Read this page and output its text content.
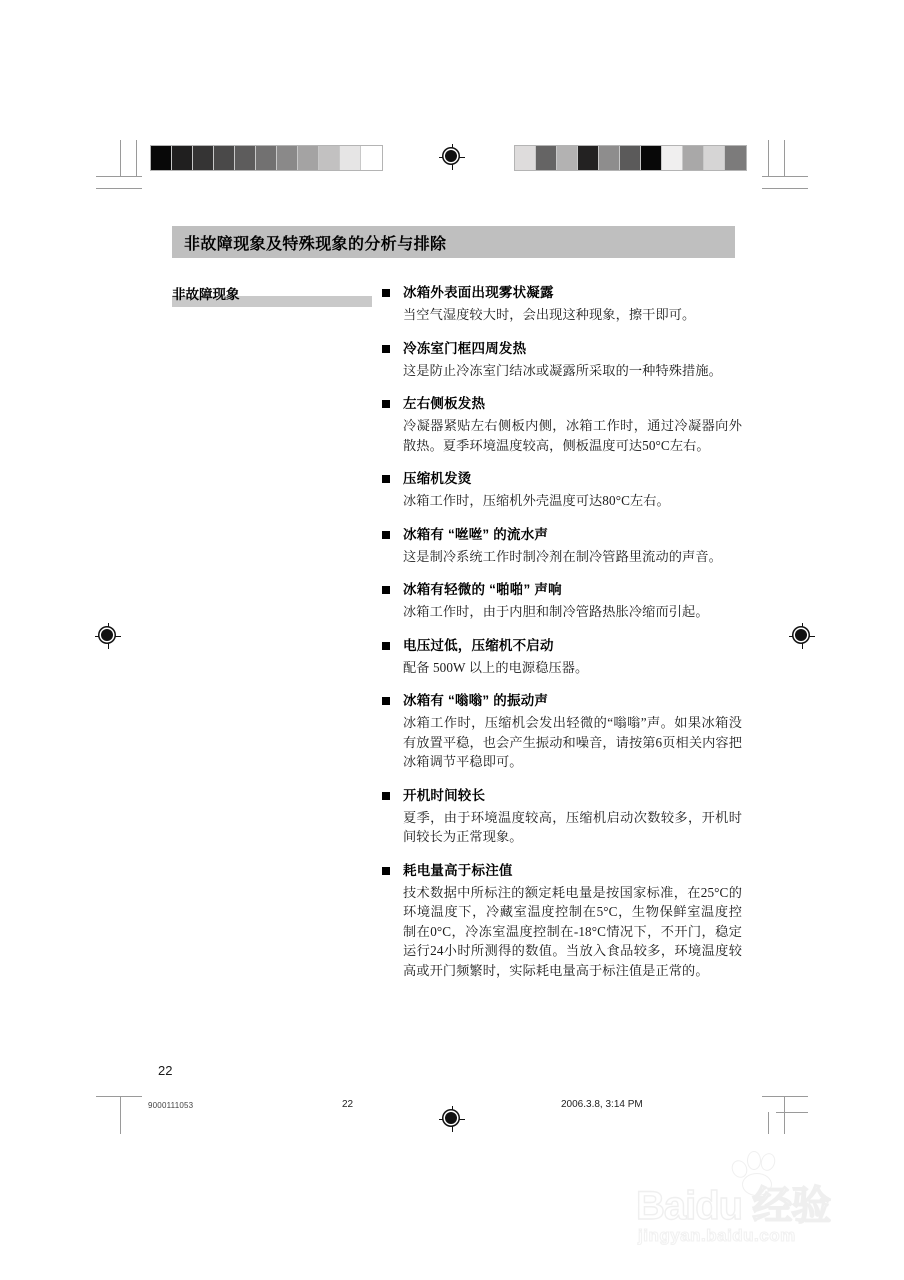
非故障现象及特殊现象的分析与排除
非故障现象	冰箱外表面出现雾状凝露
当空气湿度较大时，会出现这种现象，擦干即可。
冷冻室门框四周发热
这是防止冷冻室门结冰或凝露所采取的一种特殊措施。
左右侧板发热
冷凝器紧贴左右侧板内侧，冰箱工作时，通过冷凝器向外散热。夏季环境温度较高，侧板温度可达50°C左右。
压缩机发烫
冰箱工作时，压缩机外壳温度可达80°C左右。
冰箱有 “咝咝” 的流水声
这是制冷系统工作时制冷剂在制冷管路里流动的声音。
冰箱有轻微的 “啪啪” 声响
冰箱工作时，由于内胆和制冷管路热胀冷缩而引起。
电压过低，压缩机不启动
配备 500W 以上的电源稳压器。
冰箱有 “嗡嗡” 的振动声
冰箱工作时，压缩机会发出轻微的“嗡嗡”声。如果冰箱没有放置平稳，也会产生振动和噪音，请按第6页相关内容把冰箱调节平稳即可。
开机时间较长
夏季，由于环境温度较高，压缩机启动次数较多，开机时间较长为正常现象。
耗电量高于标注值
技术数据中所标注的额定耗电量是按国家标准，在25°C的环境温度下，冷藏室温度控制在5°C，生物保鲜室温度控制在0°C，冷冻室温度控制在-18°C情况下，不开门，稳定运行24小时所测得的数值。当放入食品较多，环境温度较高或开门频繁时，实际耗电量高于标注值是正常的。
22
9000111053	22	2006.3.8, 3:14 PM
Baidu 经验
jingyan.baidu.com
